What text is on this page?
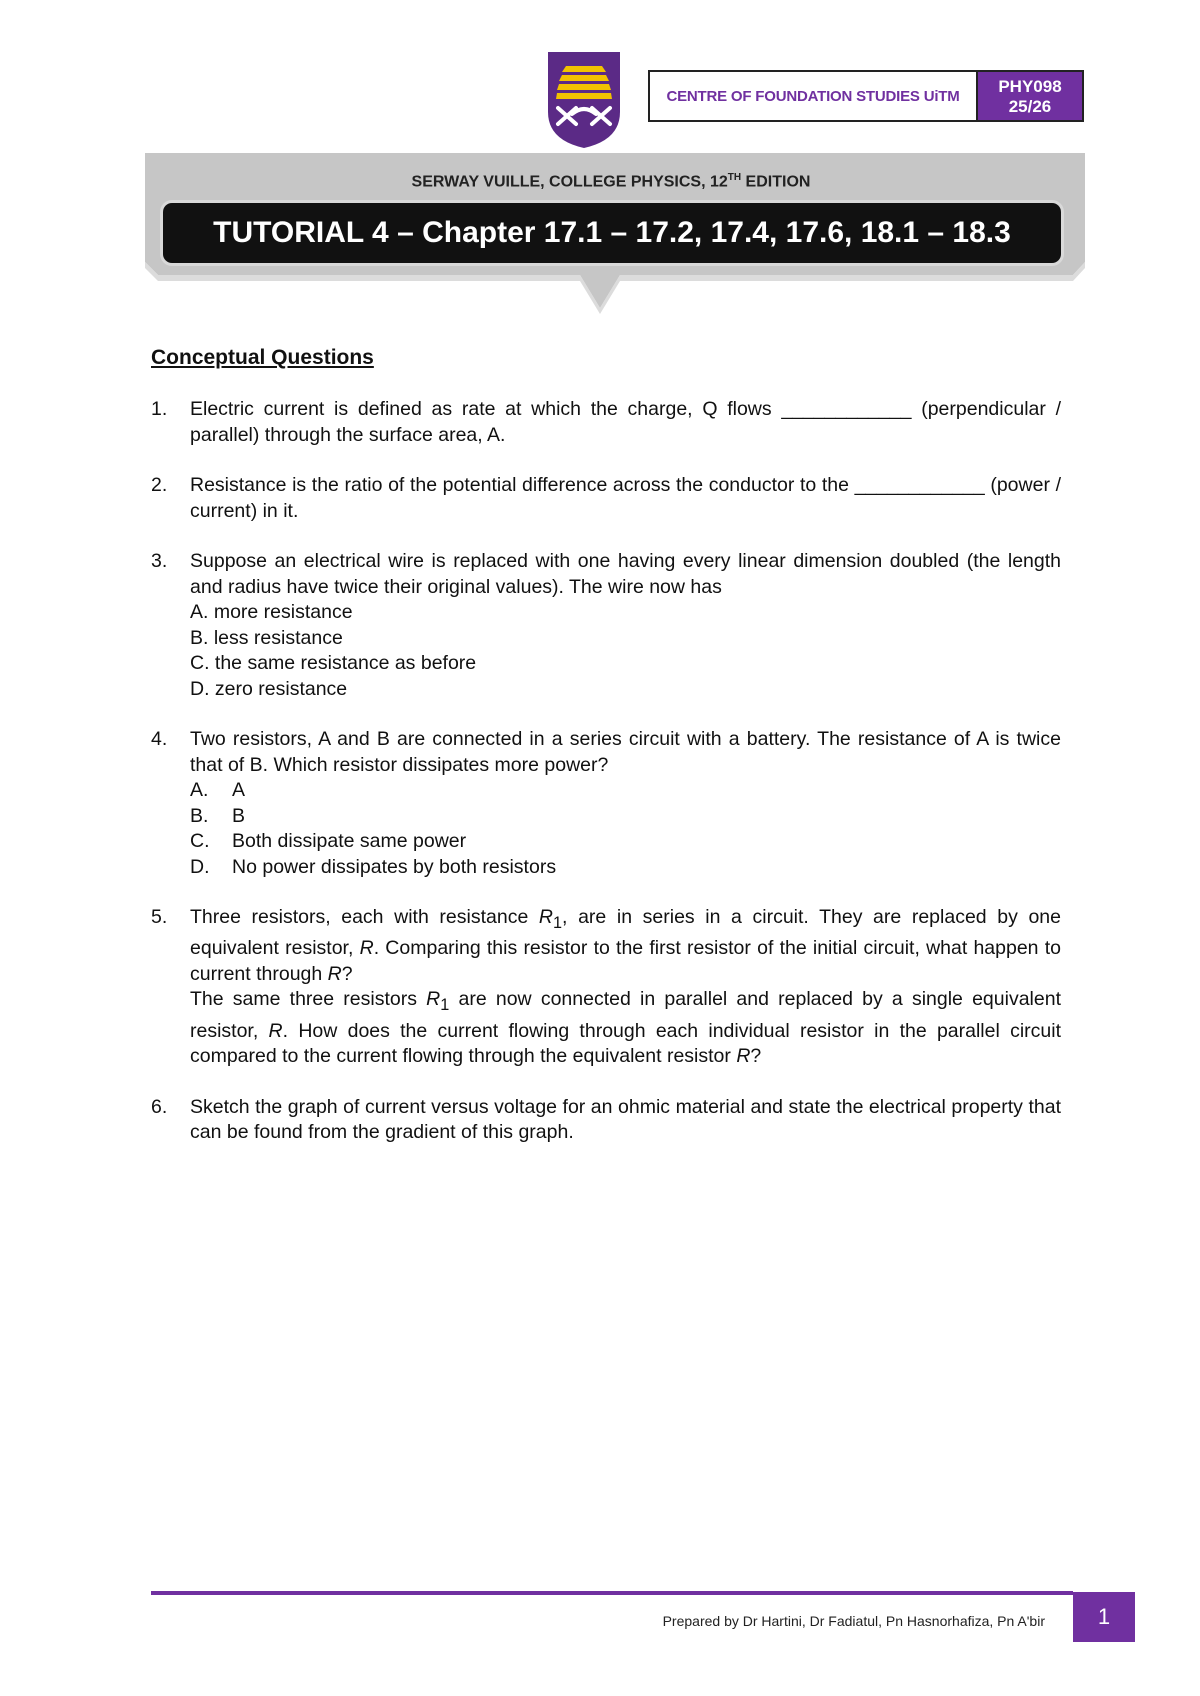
CENTRE OF FOUNDATION STUDIES UiTM	PHY098
25/26
SERWAY VUILLE, COLLEGE PHYSICS, 12TH EDITION
TUTORIAL 4 – Chapter 17.1 – 17.2, 17.4, 17.6, 18.1 – 18.3
Conceptual Questions
1. Electric current is defined as rate at which the charge, Q flows ____________ (perpendicular / parallel) through the surface area, A.

2. Resistance is the ratio of the potential difference across the conductor to the ____________ (power / current) in it.

3. Suppose an electrical wire is replaced with one having every linear dimension doubled (the length and radius have twice their original values). The wire now has

A. more resistance
B. less resistance
C. the same resistance as before
D. zero resistance
4. Two resistors, A and B are connected in a series circuit with a battery. The resistance of A is twice that of B. Which resistor dissipates more power?

A.	A
B.	B
C.	Both dissipate same power
D.	No power dissipates by both resistors
5. Three resistors, each with resistance $R_1$, are in series in a circuit. They are replaced by one equivalent resistor, R. Comparing this resistor to the first resistor of the initial circuit, what happen to current through R?

The same three resistors $R_1$ are now connected in parallel and replaced by a single equivalent resistor, R. How does the current flowing through each individual resistor in the parallel circuit compared to the current flowing through the equivalent resistor R?

6. Sketch the graph of current versus voltage for an ohmic material and state the electrical property that can be found from the gradient of this graph.

Prepared by Dr Hartini, Dr Fadiatul, Pn Hasnorhafiza, Pn A'bir	1
